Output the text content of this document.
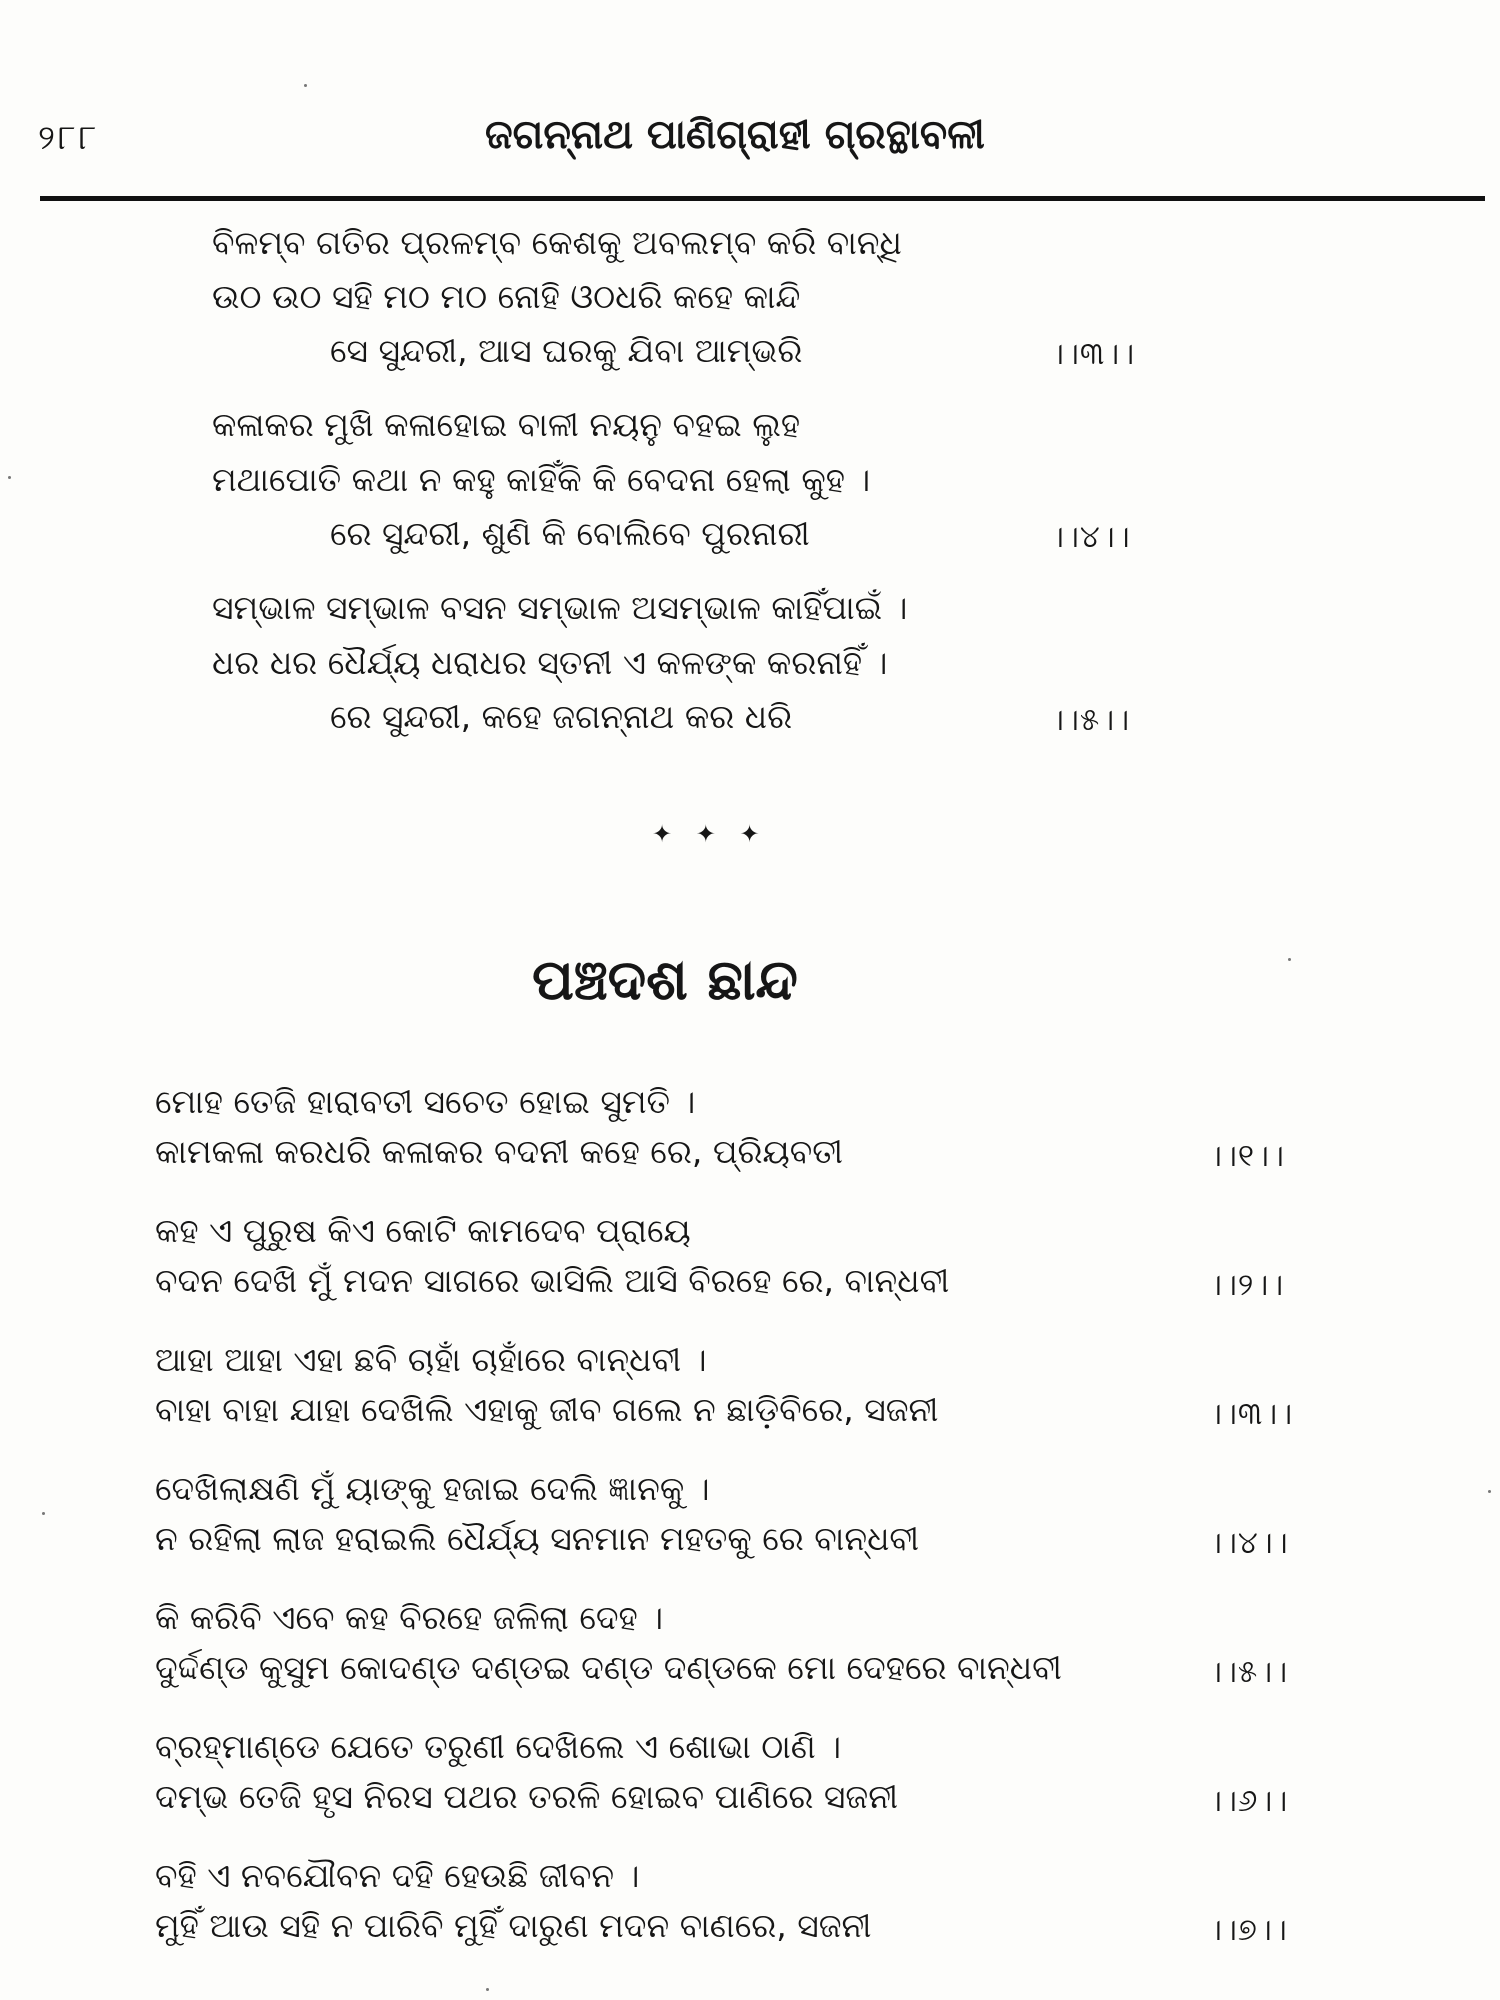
୨୮୮	ଜଗନ୍ନାଥ ପାଣିଗ୍ରାହୀ ଗ୍ରନ୍ଥାବଳୀ
ବିଳମ୍ବ ଗତିର ପ୍ରଳମ୍ବ କେଶକୁ ଅବଲମ୍ବ କରି ବାନ୍ଧି
ଉଠ ଉଠ ସହି ମଠ ମଠ ନୋହି ଓଠଧରି କହେ କାନ୍ଦି
ସେ ସୁନ୍ଦରୀ, ଆସ ଘରକୁ ଯିବା ଆମ୍ଭରି	।।୩।।
କଳାକର ମୁଖି କଳାହୋଇ ବାଳୀ ନୟନୁ ବହଇ ଲୁହ
ମଥାପୋତି କଥା ନ କହୁ କାହିଁକି କି ବେଦନା ହେଲା କୁହ ।
ରେ ସୁନ୍ଦରୀ, ଶୁଣି କି ବୋଲିବେ ପୁରନାରୀ	।।୪।।
ସମ୍ଭାଳ ସମ୍ଭାଳ ବସନ ସମ୍ଭାଳ ଅସମ୍ଭାଳ କାହିଁପାଇଁ ।
ଧର ଧର ଧୈର୍ଯ୍ୟ ଧରାଧର ସ୍ତନୀ ଏ କଳଙ୍କ କରନାହିଁ ।
ରେ ସୁନ୍ଦରୀ, କହେ ଜଗନ୍ନାଥ କର ଧରି	।।୫।।
✦ ✦ ✦
ପଞ୍ଚଦଶ ଛାନ୍ଦ
ମୋହ ତେଜି ହାରାବତୀ ସଚେତ ହୋଇ ସୁମତି ।
କାମକଳା କରଧରି କଳାକର ବଦନୀ କହେ ରେ, ପ୍ରିୟବତୀ	।।୧।।
କହ ଏ ପୁରୁଷ କିଏ କୋଟି କାମଦେବ ପ୍ରାୟେ
ବଦନ ଦେଖି ମୁଁ ମଦନ ସାଗରେ ଭାସିଲି ଆସି ବିରହେ ରେ, ବାନ୍ଧବୀ	।।୨।।
ଆହା ଆହା ଏହା ଛବି ଚାହାଁ ଚାହାଁରେ ବାନ୍ଧବୀ ।
ବାହା ବାହା ଯାହା ଦେଖିଲି ଏହାକୁ ଜୀବ ଗଲେ ନ ଛାଡ଼ିବିରେ, ସଜନୀ	।।୩।।
ଦେଖିଲାକ୍ଷଣି ମୁଁ ୟାଙ୍କୁ ହଜାଇ ଦେଲି ଜ୍ଞାନକୁ ।
ନ ରହିଲା ଲାଜ ହରାଇଲି ଧୈର୍ଯ୍ୟ ସନମାନ ମହତକୁ ରେ ବାନ୍ଧବୀ	।।୪।।
କି କରିବି ଏବେ କହ ବିରହେ ଜଳିଲା ଦେହ ।
ଦୁର୍ଦ୍ଦଣ୍ଡ କୁସୁମ କୋଦଣ୍ଡ ଦଣ୍ଡଇ ଦଣ୍ଡ ଦଣ୍ଡକେ ମୋ ଦେହରେ ବାନ୍ଧବୀ	।।୫।।
ବ୍ରହ୍ମାଣ୍ଡେ ଯେତେ ତରୁଣୀ ଦେଖିଲେ ଏ ଶୋଭା ଠାଣି ।
ଦମ୍ଭ ତେଜି ହୃସ ନିରସ ପଥର ତରଳି ହୋଇବ ପାଣିରେ ସଜନୀ	।।୬।।
ବହି ଏ ନବଯୌବନ ଦହି ହେଉଛି ଜୀବନ ।
ମୁହିଁ ଆଉ ସହି ନ ପାରିବି ମୁହିଁ ଦାରୁଣ ମଦନ ବାଣରେ, ସଜନୀ	।।୭।।
